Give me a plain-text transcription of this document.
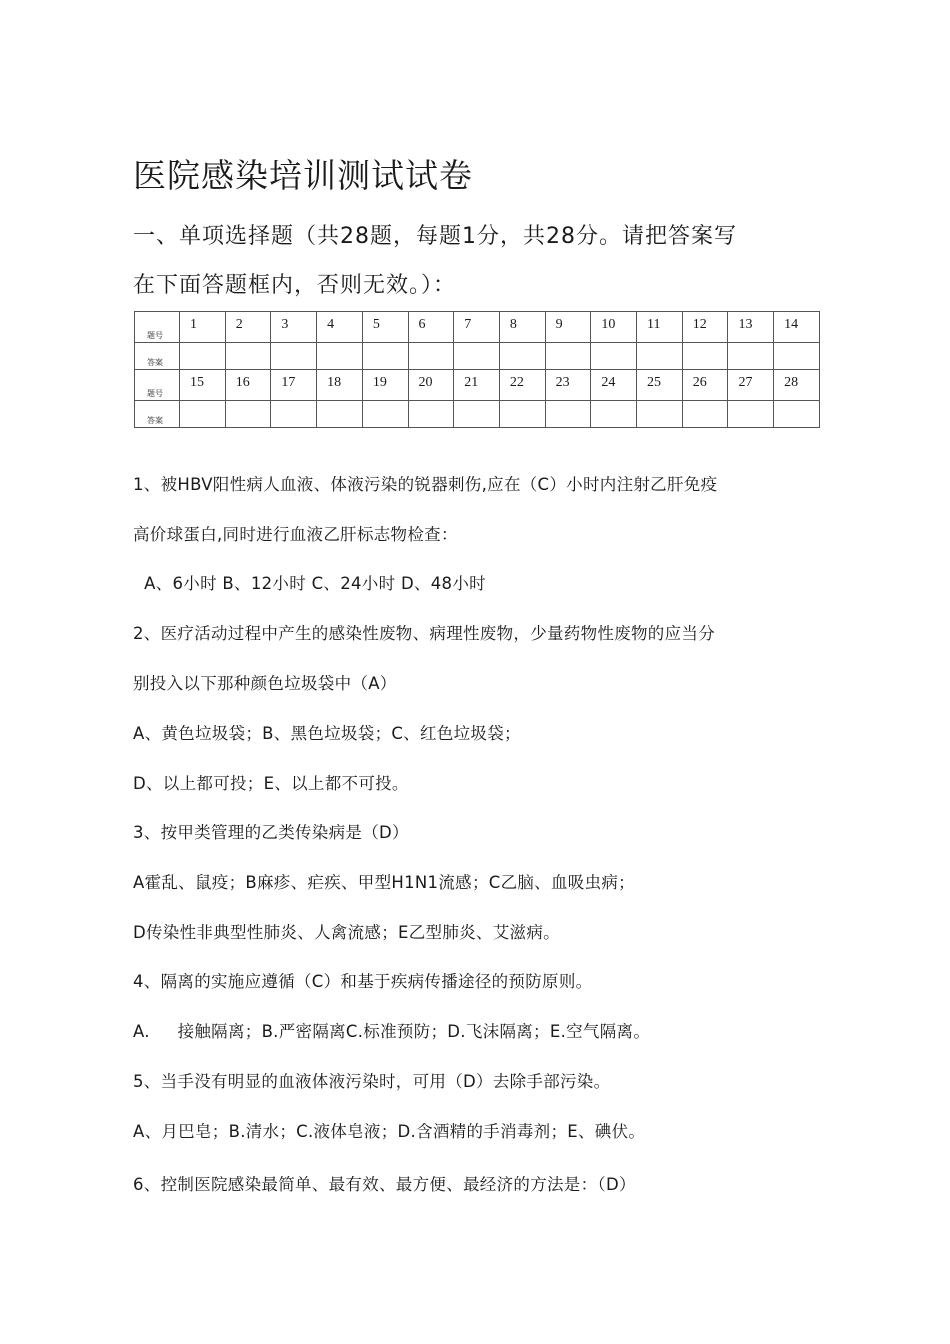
医院感染培训测试试卷
一、单项选择题（共28题，每题1分，共28分。请把答案写
在下面答题框内，否则无效。）：
题号	1	2	3	4	5	6	7	8	9	10	11	12	13	14
答案														
题号	15	16	17	18	19	20	21	22	23	24	25	26	27	28
答案														
1、被HBV阳性病人血液、体液污染的锐器刺伤,应在（C）小时内注射乙肝免疫
高价球蛋白,同时进行血液乙肝标志物检查：
A、6小时 B、12小时 C、24小时 D、48小时
2、医疗活动过程中产生的感染性废物、病理性废物，少量药物性废物的应当分
别投入以下那种颜色垃圾袋中（A）
A、黄色垃圾袋；B、黑色垃圾袋；C、红色垃圾袋；
D、以上都可投；E、以上都不可投。
3、按甲类管理的乙类传染病是（D）
A霍乱、鼠疫；B麻疹、疟疾、甲型H1N1流感；C乙脑、血吸虫病；
D传染性非典型性肺炎、人禽流感；E乙型肺炎、艾滋病。
4、隔离的实施应遵循（C）和基于疾病传播途径的预防原则。
A.     接触隔离；B.严密隔离C.标准预防；D.飞沫隔离；E.空气隔离。
5、当手没有明显的血液体液污染时，可用（D）去除手部污染。
A、月巴皂；B.清水；C.液体皂液；D.含酒精的手消毒剂；E、碘伏。
6、控制医院感染最简单、最有效、最方便、最经济的方法是：（D）
